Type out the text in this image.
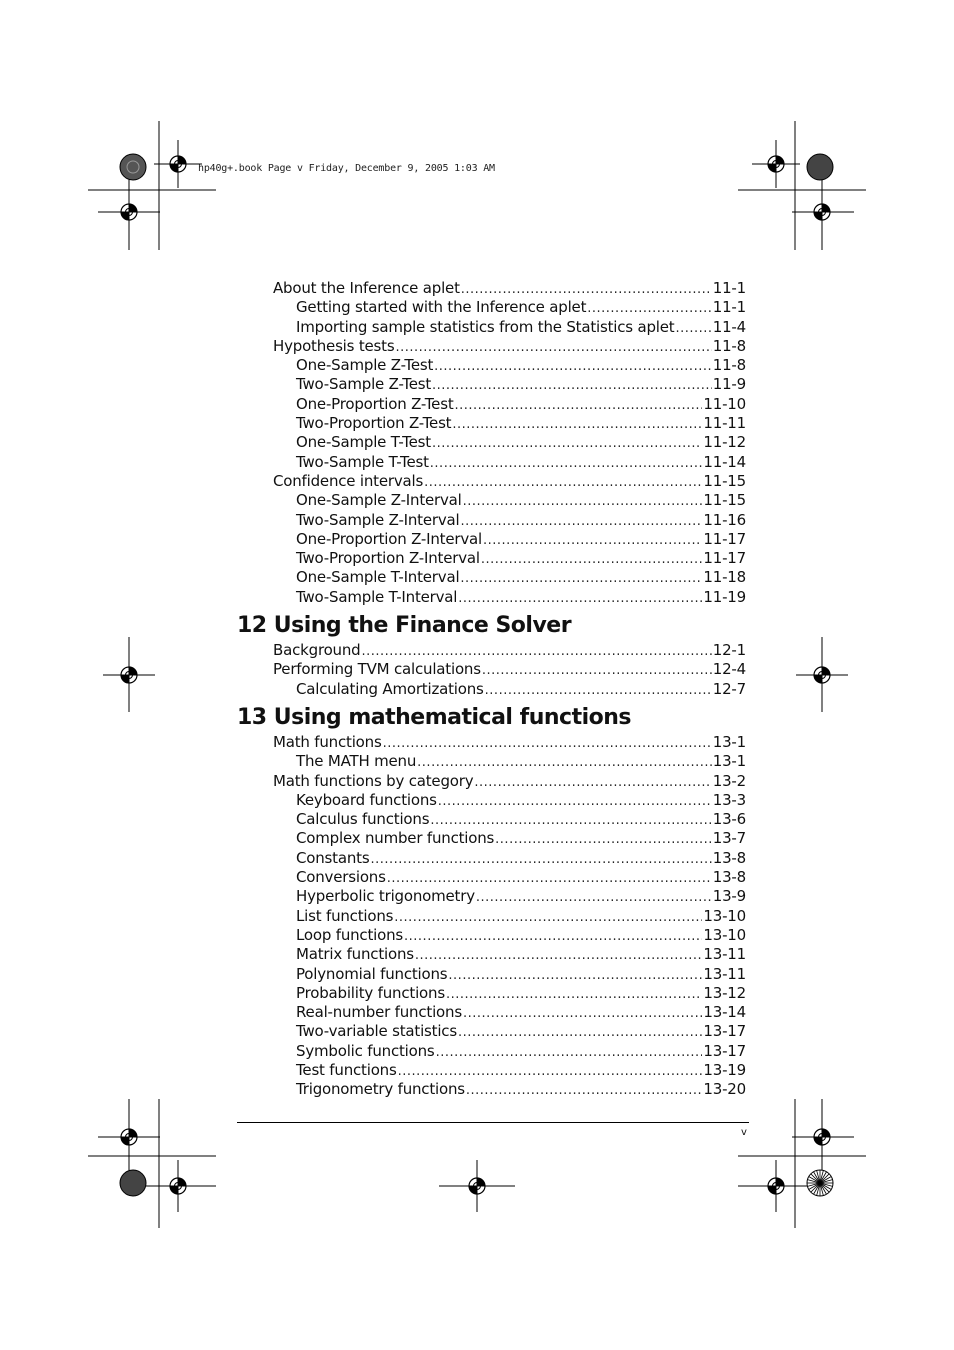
hp40g+.book Page v Friday, December 9, 2005 1:03 AM
About the Inference aplet .....	11-1
Getting started with the Inference aplet .....	11-1
Importing sample statistics from the Statistics aplet .....	11-4
Hypothesis tests .....	11-8
One-Sample Z-Test .....	11-8
Two-Sample Z-Test .....	11-9
One-Proportion Z-Test .....	11-10
Two-Proportion Z-Test .....	11-11
One-Sample T-Test .....	11-12
Two-Sample T-Test .....	11-14
Confidence intervals .....	11-15
One-Sample Z-Interval .....	11-15
Two-Sample Z-Interval .....	11-16
One-Proportion Z-Interval .....	11-17
Two-Proportion Z-Interval .....	11-17
One-Sample T-Interval .....	11-18
Two-Sample T-Interval .....	11-19
12 Using the Finance Solver
Background .....	12-1
Performing TVM calculations .....	12-4
Calculating Amortizations .....	12-7
13 Using mathematical functions
Math functions .....	13-1
The MATH menu .....	13-1
Math functions by category .....	13-2
Keyboard functions .....	13-3
Calculus functions .....	13-6
Complex number functions .....	13-7
Constants .....	13-8
Conversions .....	13-8
Hyperbolic trigonometry .....	13-9
List functions .....	13-10
Loop functions .....	13-10
Matrix functions .....	13-11
Polynomial functions .....	13-11
Probability functions .....	13-12
Real-number functions .....	13-14
Two-variable statistics .....	13-17
Symbolic functions .....	13-17
Test functions .....	13-19
Trigonometry functions .....	13-20
v
